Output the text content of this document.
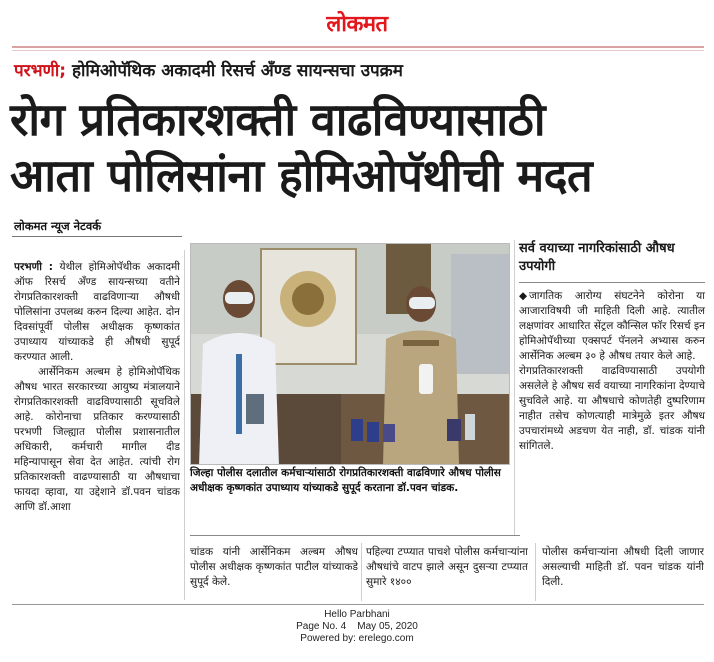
लोकमत
परभणी; होमिओपॅथिक अकादमी रिसर्च अँण्ड सायन्सचा उपक्रम
रोग प्रतिकारशक्ती वाढविण्यासाठी
आता पोलिसांना होमिओपॅथीची मदत
लोकमत न्यूज नेटवर्क

परभणी : येथील होमिओपॅथीक अकादमी ऑफ रिसर्च अँण्ड सायन्सच्या वतीने रोगप्रतिकारशक्ती वाढविणाऱ्या औषधी पोलिसांना उपलब्ध करुन दिल्या आहेत. दोन दिवसांपूर्वी पोलीस अधीक्षक कृष्णकांत उपाध्याय यांच्याकडे ही औषधी सुपूर्द करण्यात आली.

आर्सेनिकम अल्बम हे होमिओपॅथिक औषध भारत सरकारच्या आयुष्य मंत्रालयाने रोगप्रतिकारशक्ती वाढविण्यासाठी सूचविले आहे. कोरोनाचा प्रतिकार करण्यासाठी परभणी जिल्ह्यात पोलीस प्रशासनातील अधिकारी, कर्मचारी मागील दीड महिन्यापासून सेवा देत आहेत. त्यांची रोग प्रतिकारशक्ती वाढण्यासाठी या औषधाचा फायदा व्हावा, या उद्देशाने डॉ.पवन चांडक आणि डॉ.आशा

जिल्हा पोलीस दलातील कर्मचाऱ्यांसाठी रोगप्रतिकारशक्ती वाढविणारे औषध पोलीस अधीक्षक कृष्णकांत उपाध्याय यांच्याकडे सुपूर्द करताना डॉ.पवन चांडक.
सर्व वयाच्या नागरिकांसाठी औषध उपयोगी

◆ जागतिक आरोग्य संघटनेने कोरोना या आजाराविषयी जी माहिती दिली आहे. त्यातील लक्षणांवर आधारित सेंट्रल कौन्सिल फॉर रिसर्च इन होमिओपॅथीच्या एक्सपर्ट पॅनलने अभ्यास करुन आर्सेनिक अल्बम ३० हे औषध तयार केले आहे.

रोगप्रतिकारशक्ती वाढविण्यासाठी उपयोगी असलेले हे औषध सर्व वयाच्या नागरिकांना देण्याचे सुचविले आहे. या औषधाचे कोणतेही दुष्परिणाम नाहीत तसेच कोणत्याही मात्रेमुळे इतर औषध उपचारांमध्ये अडचण येत नाही, डॉ. चांडक यांनी सांगितले.

चांडक यांनी आर्सेनिकम अल्बम औषध पोलीस अधीक्षक कृष्णकांत पाटील यांच्याकडे सुपूर्द केले.
पहिल्या टप्प्यात पाचशे पोलीस कर्मचाऱ्यांना औषधांचे वाटप झाले असून दुसऱ्या टप्प्यात सुमारे १४००
पोलीस कर्मचाऱ्यांना औषधी दिली जाणार असल्याची माहिती डॉ. पवन चांडक यांनी दिली.
Hello Parbhani
Page No. 4    May 05, 2020
Powered by: erelego.com
